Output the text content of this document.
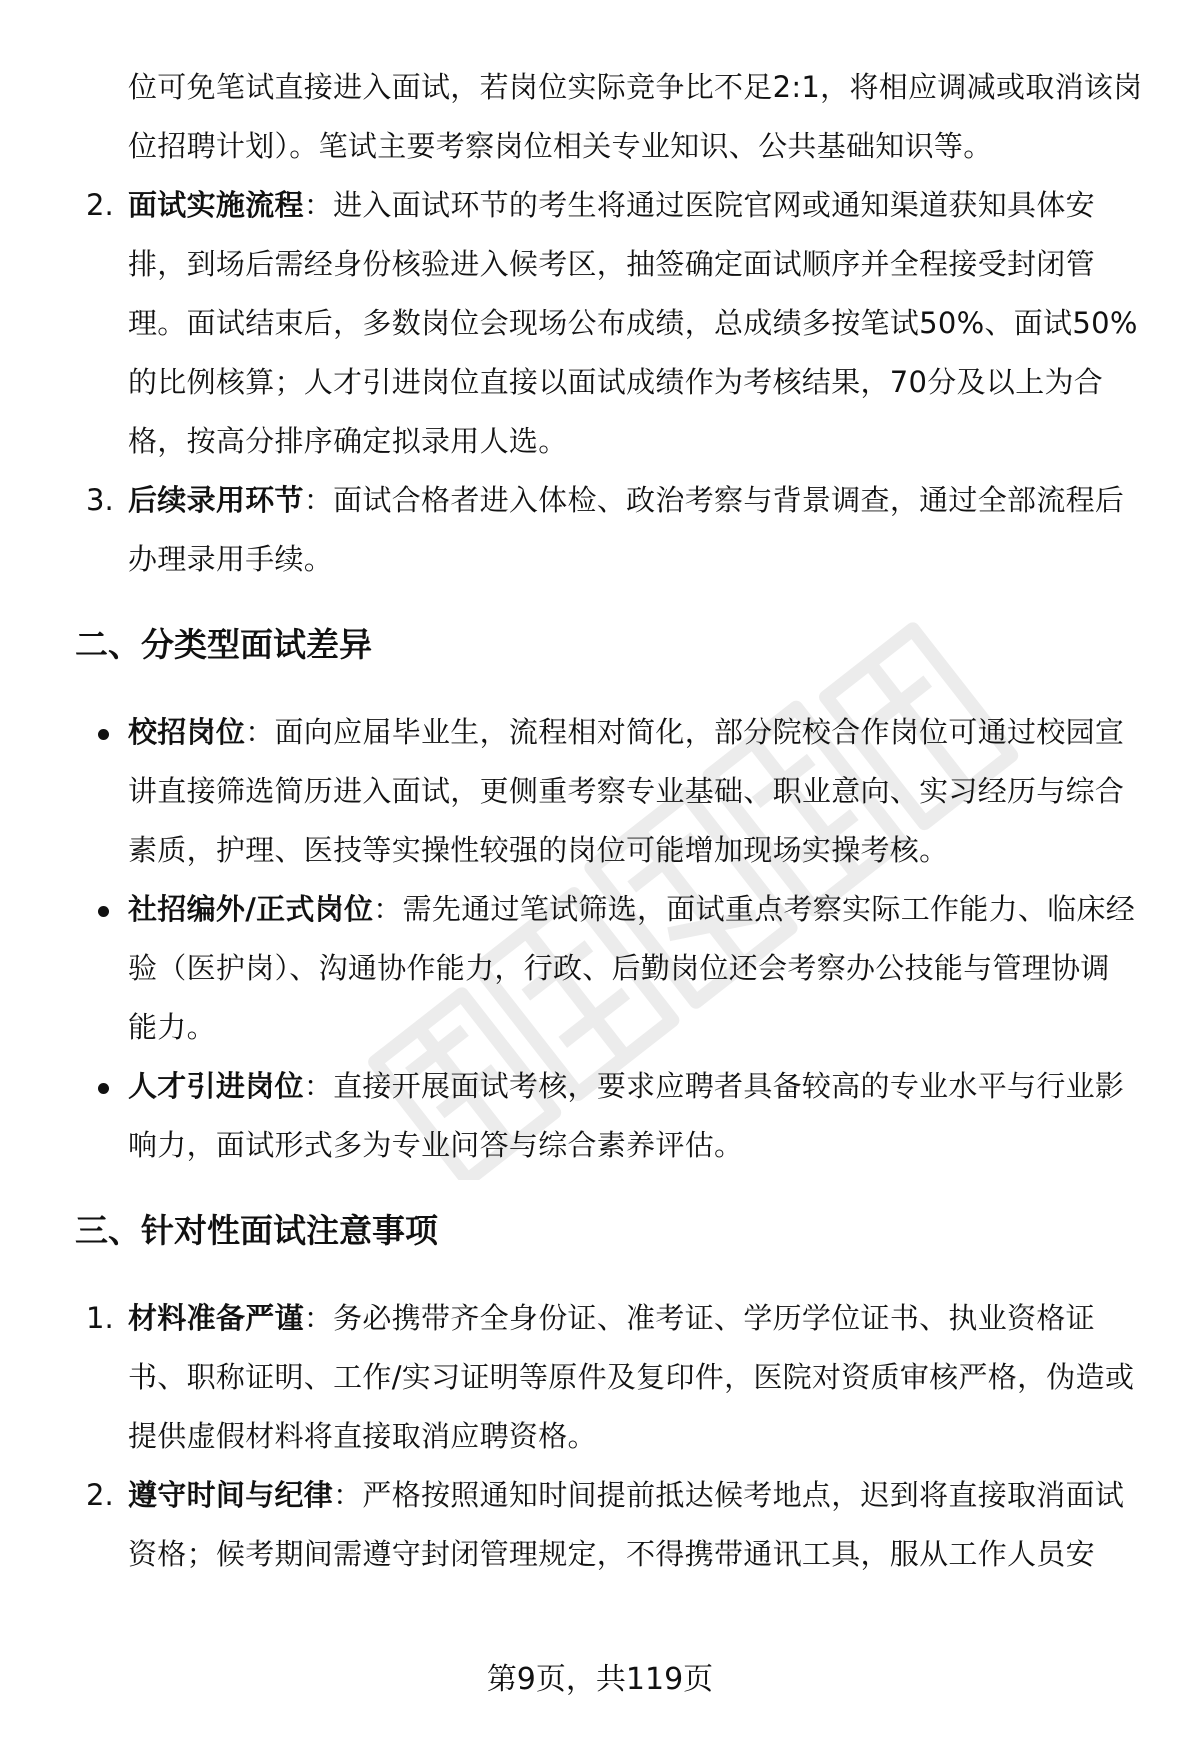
位可免笔试直接进入面试，若岗位实际竞争比不足2:1，将相应调减或取消该岗
位招聘计划）。笔试主要考察岗位相关专业知识、公共基础知识等。
2. 面试实施流程：进入面试环节的考生将通过医院官网或通知渠道获知具体安
排，到场后需经身份核验进入候考区，抽签确定面试顺序并全程接受封闭管
理。面试结束后，多数岗位会现场公布成绩，总成绩多按笔试50%、面试50%
的比例核算；人才引进岗位直接以面试成绩作为考核结果，70分及以上为合
格，按高分排序确定拟录用人选。
3. 后续录用环节：面试合格者进入体检、政治考察与背景调查，通过全部流程后
办理录用手续。
二、分类型面试差异
校招岗位：面向应届毕业生，流程相对简化，部分院校合作岗位可通过校园宣
讲直接筛选简历进入面试，更侧重考察专业基础、职业意向、实习经历与综合
素质，护理、医技等实操性较强的岗位可能增加现场实操考核。
社招编外/正式岗位：需先通过笔试筛选，面试重点考察实际工作能力、临床经
验（医护岗）、沟通协作能力，行政、后勤岗位还会考察办公技能与管理协调
能力。
人才引进岗位：直接开展面试考核，要求应聘者具备较高的专业水平与行业影
响力，面试形式多为专业问答与综合素养评估。
三、针对性面试注意事项
1. 材料准备严谨：务必携带齐全身份证、准考证、学历学位证书、执业资格证
书、职称证明、工作/实习证明等原件及复印件，医院对资质审核严格，伪造或
提供虚假材料将直接取消应聘资格。
2. 遵守时间与纪律：严格按照通知时间提前抵达候考地点，迟到将直接取消面试
资格；候考期间需遵守封闭管理规定，不得携带通讯工具，服从工作人员安
第9页，共119页
